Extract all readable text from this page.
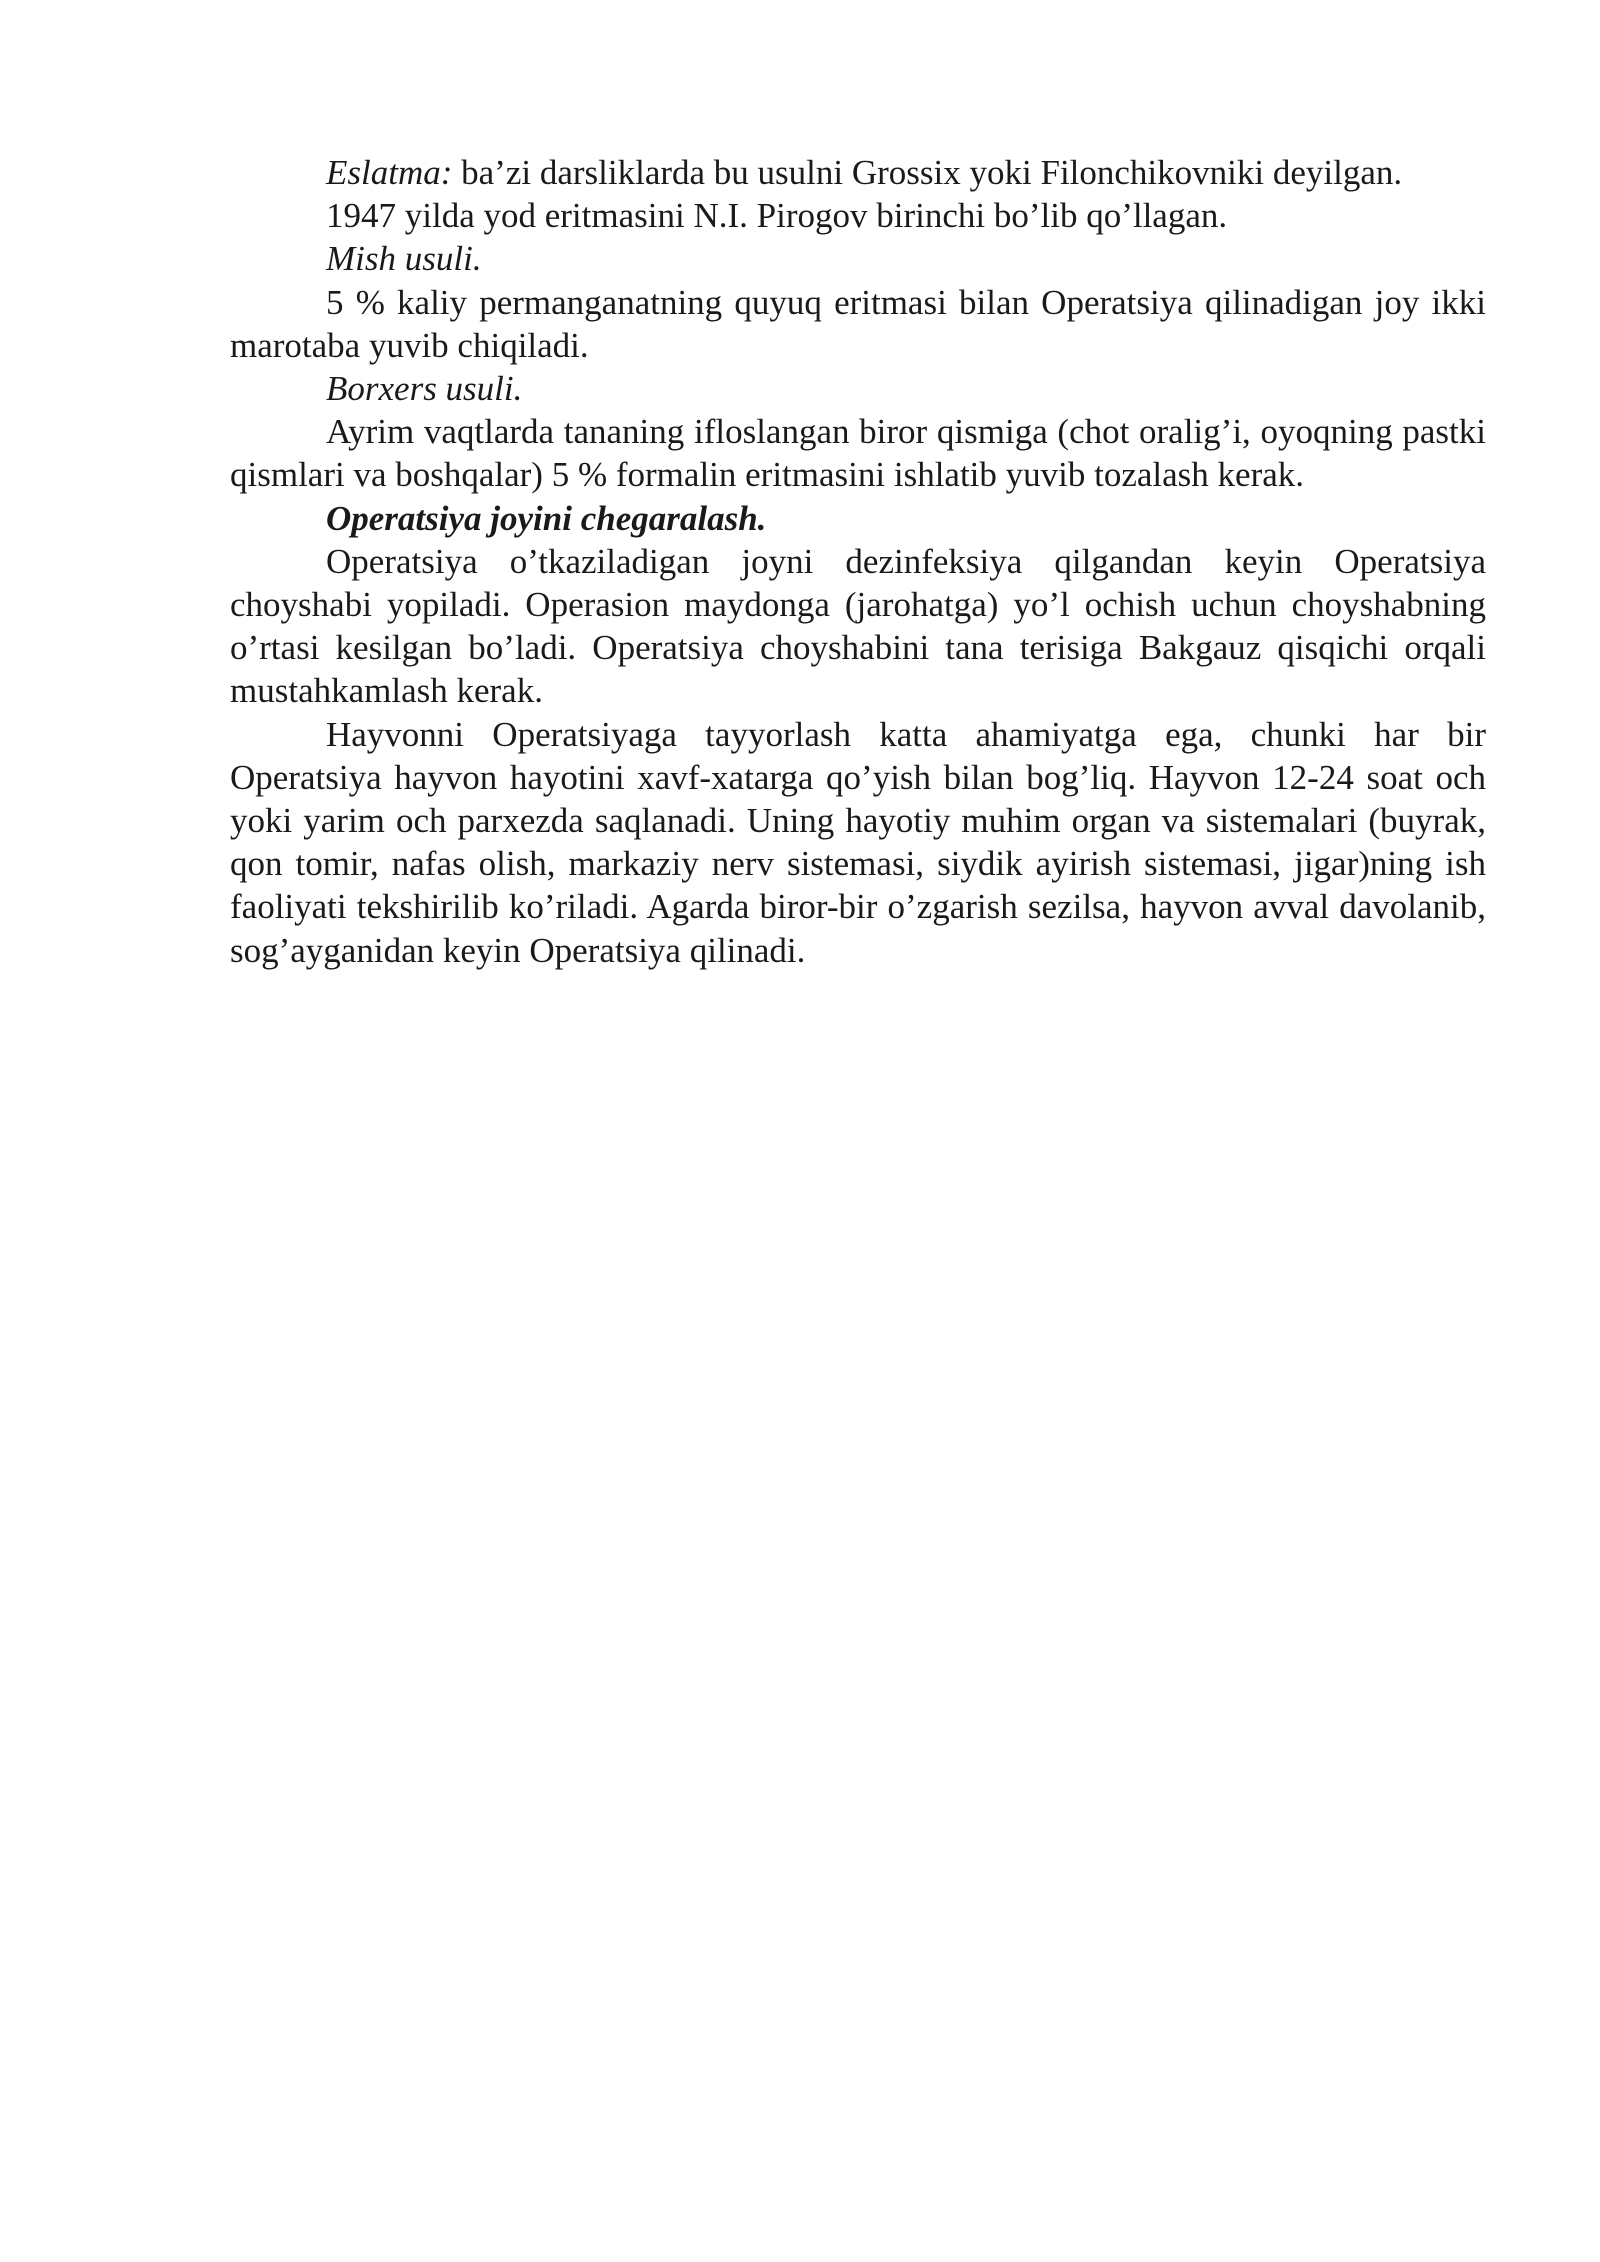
Eslatma: ba’zi darsliklarda bu usulni Grossix yoki Filonchikovniki deyilgan.

1947 yilda yod eritmasini N.I. Pirogov birinchi bo’lib qo’llagan.

Mish usuli.

5 % kaliy permanganatning quyuq eritmasi bilan Operatsiya qilinadigan joy ikki marotaba yuvib chiqiladi.

Borxers usuli.

Ayrim vaqtlarda tananing ifloslangan biror qismiga (chot oralig’i, oyoqning pastki qismlari va boshqalar) 5 % formalin eritmasini ishlatib yuvib tozalash kerak.

Operatsiya joyini chegaralash.

Operatsiya o’tkaziladigan joyni dezinfeksiya qilgandan keyin Operatsiya choyshabi yopiladi. Operasion maydonga (jarohatga) yo’l ochish uchun choyshabning o’rtasi kesilgan bo’ladi. Operatsiya choyshabini tana terisiga Bakgauz qisqichi orqali mustahkamlash kerak.

Hayvonni Operatsiyaga tayyorlash katta ahamiyatga ega, chunki har bir Operatsiya hayvon hayotini xavf-xatarga qo’yish bilan bog’liq. Hayvon 12-24 soat och yoki yarim och parxezda saqlanadi. Uning hayotiy muhim organ va sistemalari (buyrak, qon tomir, nafas olish, markaziy nerv sistemasi, siydik ayirish sistemasi, jigar)ning ish faoliyati tekshirilib ko’riladi. Agarda biror-bir o’zgarish sezilsa, hayvon avval davolanib, sog’ayganidan keyin Operatsiya qilinadi.
